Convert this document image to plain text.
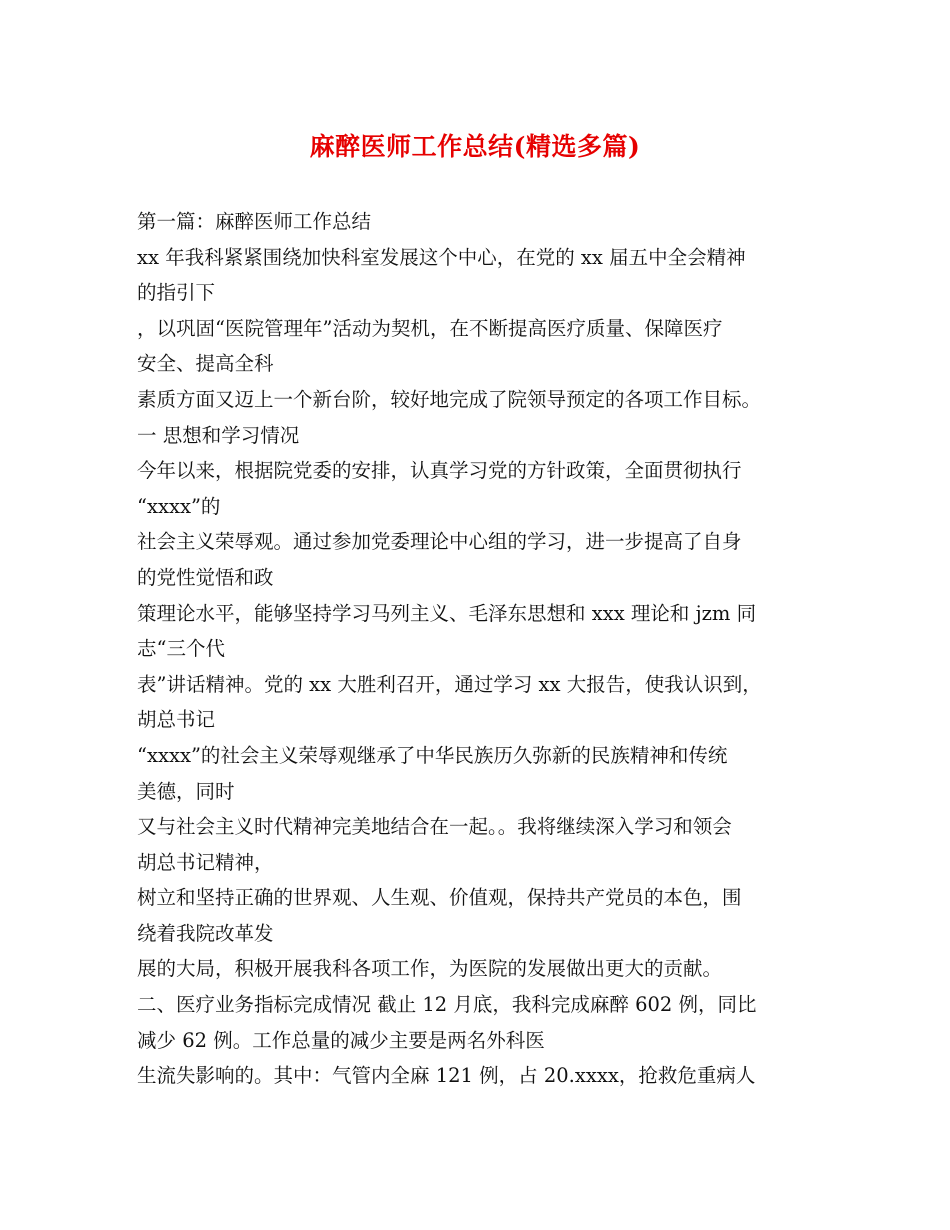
麻醉医师工作总结(精选多篇)
第一篇：麻醉医师工作总结
xx 年我科紧紧围绕加快科室发展这个中心，在党的 xx 届五中全会精神
的指引下
，以巩固“医院管理年”活动为契机，在不断提高医疗质量、保障医疗
安全、提高全科
素质方面又迈上一个新台阶，较好地完成了院领导预定的各项工作目标。
一 思想和学习情况
今年以来，根据院党委的安排，认真学习党的方针政策，全面贯彻执行
“xxxx”的
社会主义荣辱观。通过参加党委理论中心组的学习，进一步提高了自身
的党性觉悟和政
策理论水平，能够坚持学习马列主义、毛泽东思想和 xxx 理论和 jzm 同
志“三个代
表”讲话精神。党的 xx 大胜利召开，通过学习 xx 大报告，使我认识到，
胡总书记
“xxxx”的社会主义荣辱观继承了中华民族历久弥新的民族精神和传统
美德，同时
又与社会主义时代精神完美地结合在一起。。我将继续深入学习和领会
胡总书记精神，
树立和坚持正确的世界观、人生观、价值观，保持共产党员的本色，围
绕着我院改革发
展的大局，积极开展我科各项工作，为医院的发展做出更大的贡献。
二、医疗业务指标完成情况 截止 12 月底，我科完成麻醉 602 例，同比
减少 62 例。工作总量的减少主要是两名外科医
生流失影响的。其中：气管内全麻 121 例，占 20.xxxx，抢救危重病人
